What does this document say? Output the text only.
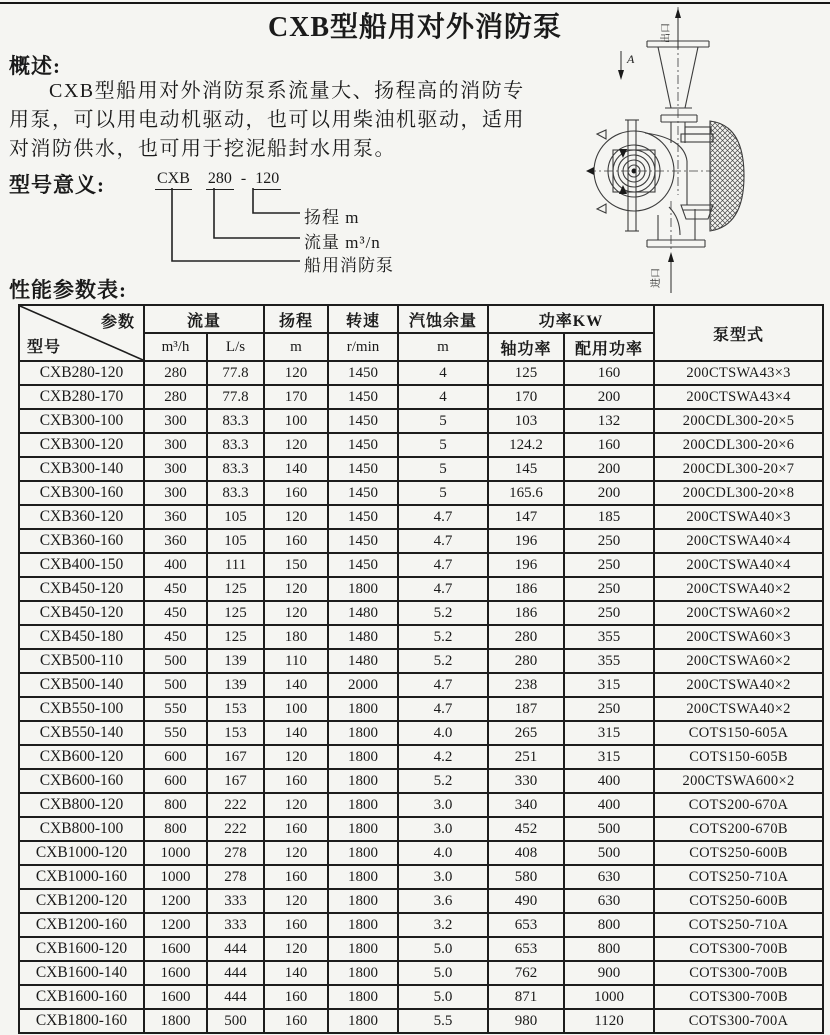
CXB型船用对外消防泵
概述:
CXB型船用对外消防泵系流量大、扬程高的消防专
用泵，可以用电动机驱动，也可以用柴油机驱动，适用
对消防供水，也可用于挖泥船封水用泵。
型号意义:	CXB 280 - 120
扬程 m
流量 m³/n
船用消防泵
出口
A
进口
性能参数表:
参数
型号	流量		扬程	转速	汽蚀余量	功率KW		泵型式
	m³/h	L/s	m	r/min	m	轴功率	配用功率	
CXB280-120	280	77.8	120	1450	4	125	160	200CTSWA43×3
CXB280-170	280	77.8	170	1450	4	170	200	200CTSWA43×4
CXB300-100	300	83.3	100	1450	5	103	132	200CDL300-20×5
CXB300-120	300	83.3	120	1450	5	124.2	160	200CDL300-20×6
CXB300-140	300	83.3	140	1450	5	145	200	200CDL300-20×7
CXB300-160	300	83.3	160	1450	5	165.6	200	200CDL300-20×8
CXB360-120	360	105	120	1450	4.7	147	185	200CTSWA40×3
CXB360-160	360	105	160	1450	4.7	196	250	200CTSWA40×4
CXB400-150	400	111	150	1450	4.7	196	250	200CTSWA40×4
CXB450-120	450	125	120	1800	4.7	186	250	200CTSWA40×2
CXB450-120	450	125	120	1480	5.2	186	250	200CTSWA60×2
CXB450-180	450	125	180	1480	5.2	280	355	200CTSWA60×3
CXB500-110	500	139	110	1480	5.2	280	355	200CTSWA60×2
CXB500-140	500	139	140	2000	4.7	238	315	200CTSWA40×2
CXB550-100	550	153	100	1800	4.7	187	250	200CTSWA40×2
CXB550-140	550	153	140	1800	4.0	265	315	COTS150-605A
CXB600-120	600	167	120	1800	4.2	251	315	COTS150-605B
CXB600-160	600	167	160	1800	5.2	330	400	200CTSWA600×2
CXB800-120	800	222	120	1800	3.0	340	400	COTS200-670A
CXB800-100	800	222	160	1800	3.0	452	500	COTS200-670B
CXB1000-120	1000	278	120	1800	4.0	408	500	COTS250-600B
CXB1000-160	1000	278	160	1800	3.0	580	630	COTS250-710A
CXB1200-120	1200	333	120	1800	3.6	490	630	COTS250-600B
CXB1200-160	1200	333	160	1800	3.2	653	800	COTS250-710A
CXB1600-120	1600	444	120	1800	5.0	653	800	COTS300-700B
CXB1600-140	1600	444	140	1800	5.0	762	900	COTS300-700B
CXB1600-160	1600	444	160	1800	5.0	871	1000	COTS300-700B
CXB1800-160	1800	500	160	1800	5.5	980	1120	COTS300-700A
